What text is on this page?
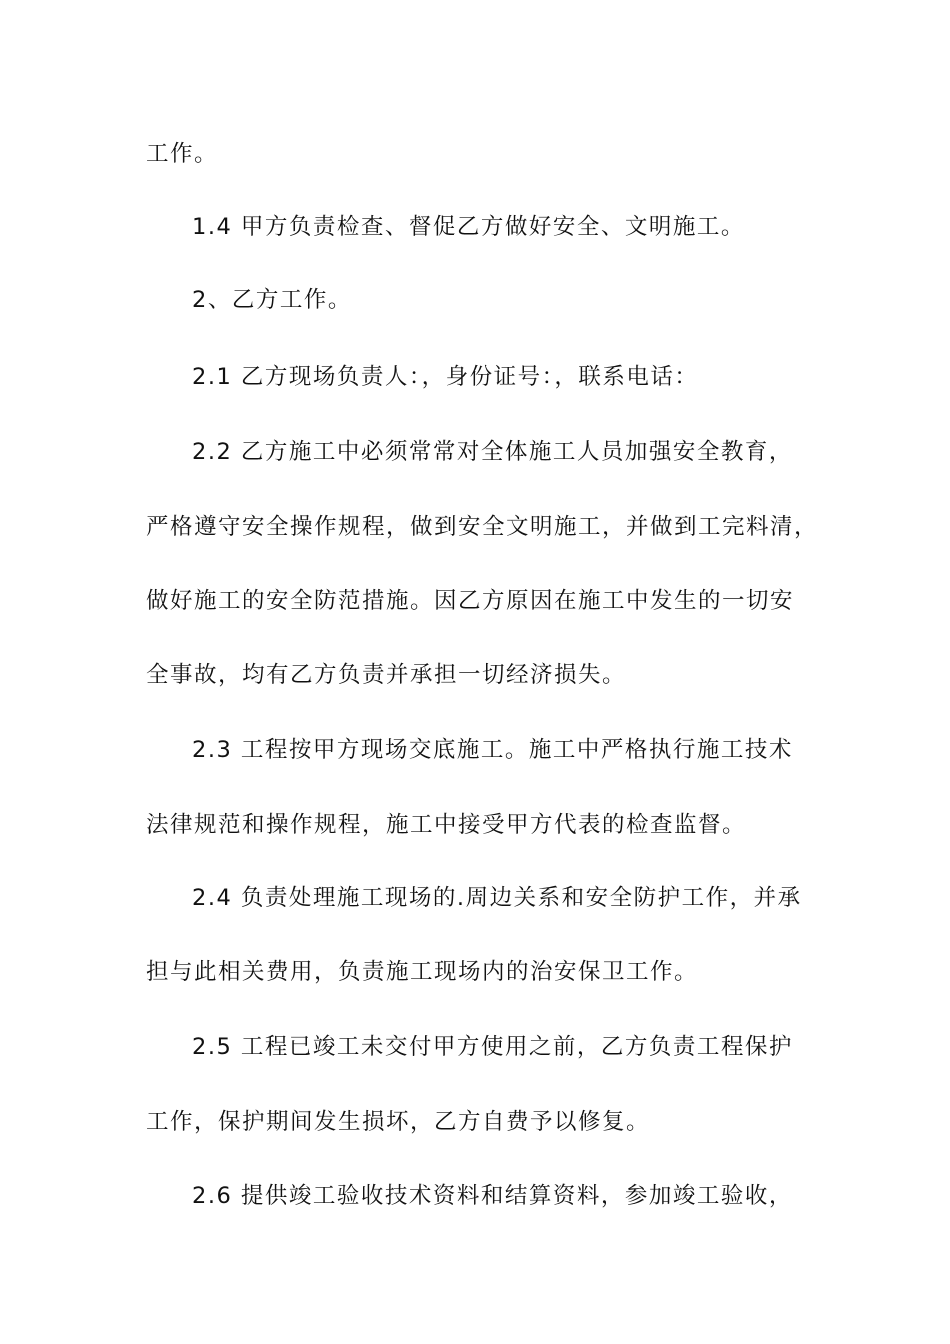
工作。
1.4 甲方负责检查、督促乙方做好安全、文明施工。
2、乙方工作。
2.1 乙方现场负责人：，身份证号：，联系电话：
2.2 乙方施工中必须常常对全体施工人员加强安全教育，
严格遵守安全操作规程，做到安全文明施工，并做到工完料清，
做好施工的安全防范措施。因乙方原因在施工中发生的一切安
全事故，均有乙方负责并承担一切经济损失。
2.3 工程按甲方现场交底施工。施工中严格执行施工技术
法律规范和操作规程，施工中接受甲方代表的检查监督。
2.4 负责处理施工现场的.周边关系和安全防护工作，并承
担与此相关费用，负责施工现场内的治安保卫工作。
2.5 工程已竣工未交付甲方使用之前，乙方负责工程保护
工作，保护期间发生损坏，乙方自费予以修复。
2.6 提供竣工验收技术资料和结算资料，参加竣工验收，
